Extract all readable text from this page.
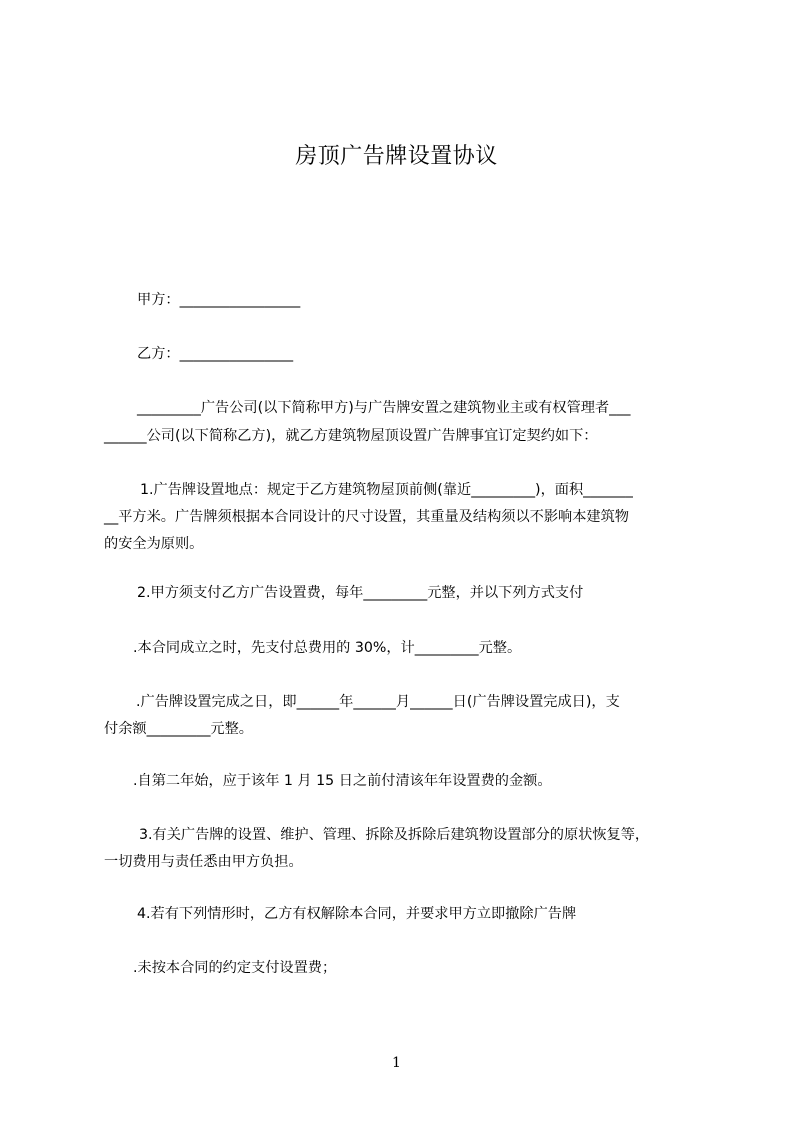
房顶广告牌设置协议
甲方：_________________
乙方：________________
_________广告公司(以下简称甲方)与广告牌安置之建筑物业主或有权管理者___
______公司(以下简称乙方)，就乙方建筑物屋顶设置广告牌事宜订定契约如下：
1.广告牌设置地点：规定于乙方建筑物屋顶前侧(靠近_________)，面积_______
__平方米。广告牌须根据本合同设计的尺寸设置，其重量及结构须以不影响本建筑物
的安全为原则。
2.甲方须支付乙方广告设置费，每年_________元整，并以下列方式支付
.本合同成立之时，先支付总费用的 30%，计_________元整。
.广告牌设置完成之日，即______年______月______日(广告牌设置完成日)，支
付余额_________元整。
.自第二年始，应于该年 1 月 15 日之前付清该年年设置费的金额。
3.有关广告牌的设置、维护、管理、拆除及拆除后建筑物设置部分的原状恢复等，
一切费用与责任悉由甲方负担。
4.若有下列情形时，乙方有权解除本合同，并要求甲方立即撤除广告牌
.未按本合同的约定支付设置费；
1
